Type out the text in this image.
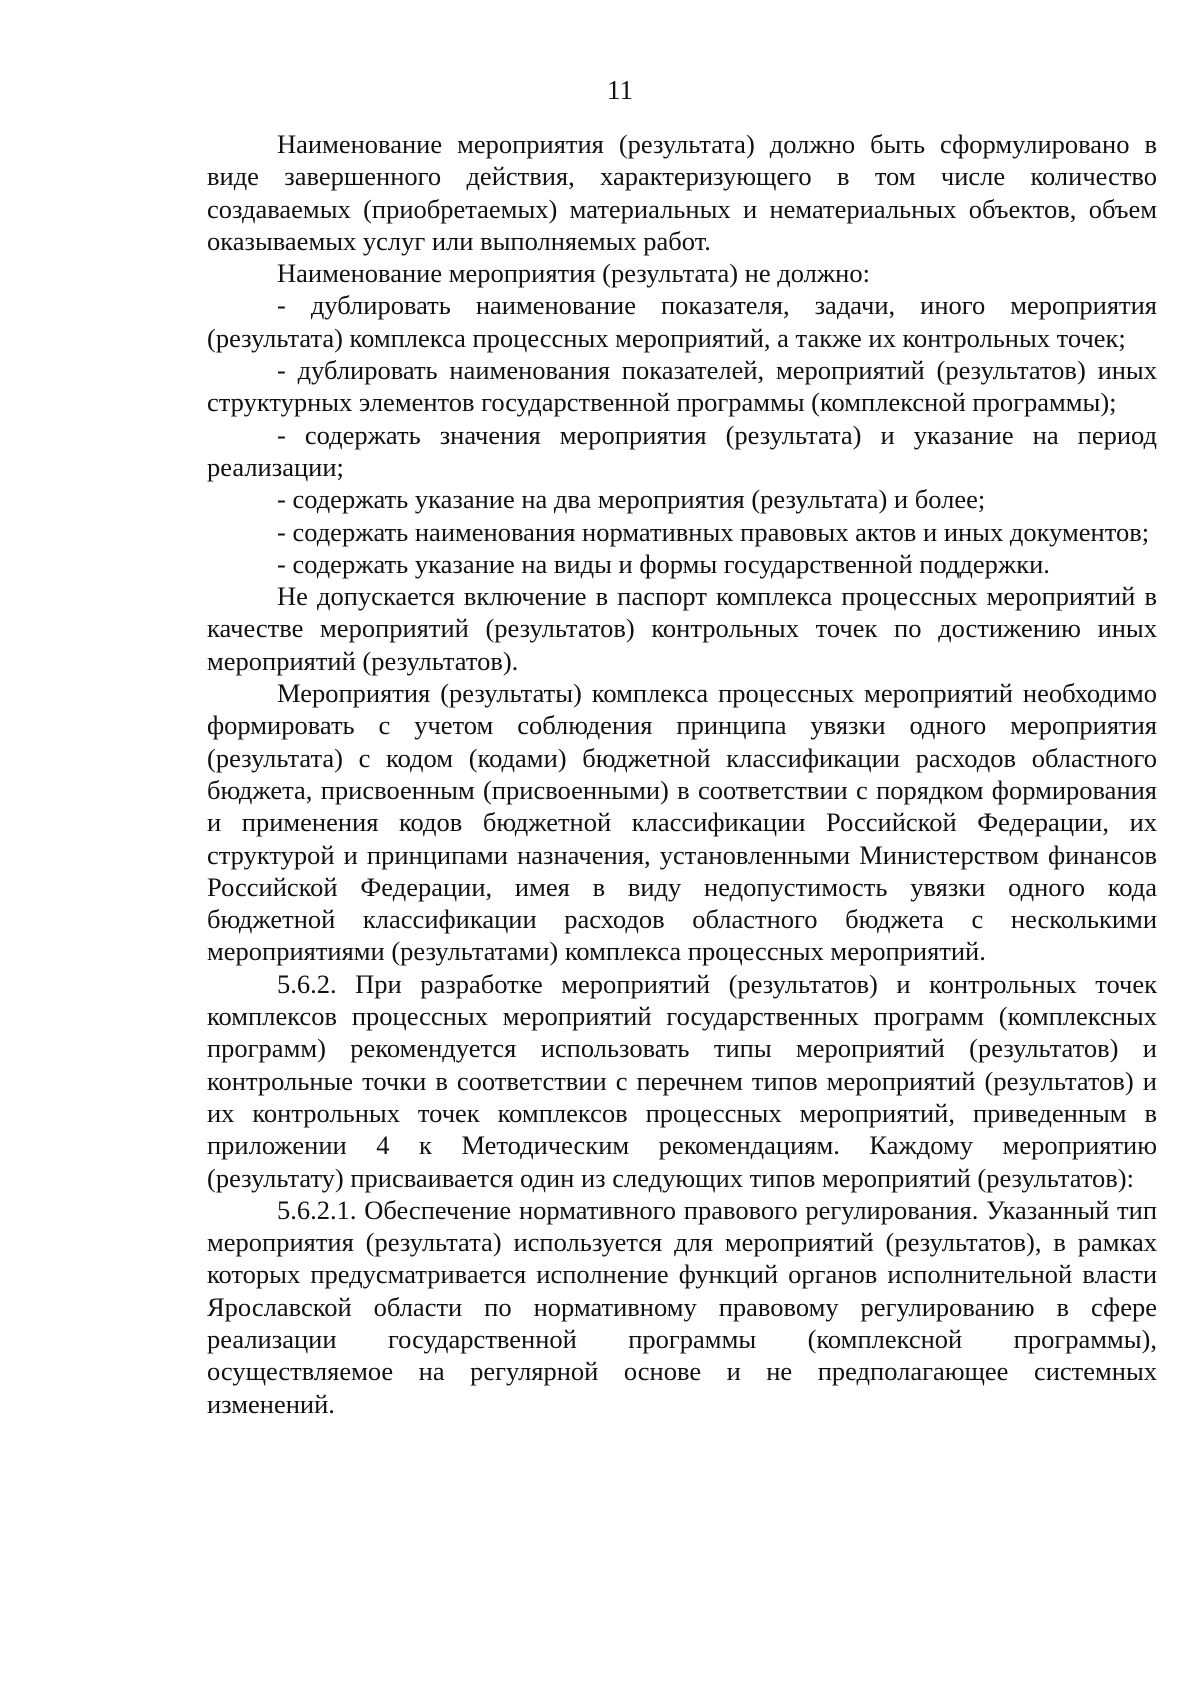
11

Наименование мероприятия (результата) должно быть сформулировано в виде завершенного действия, характеризующего в том числе количество создаваемых (приобретаемых) материальных и нематериальных объектов, объем оказываемых услуг или выполняемых работ.

Наименование мероприятия (результата) не должно:

- дублировать наименование показателя, задачи, иного мероприятия (результата) комплекса процессных мероприятий, а также их контрольных точек;

- дублировать наименования показателей, мероприятий (результатов) иных структурных элементов государственной программы (комплексной программы);

- содержать значения мероприятия (результата) и указание на период реализации;

- содержать указание на два мероприятия (результата) и более;

- содержать наименования нормативных правовых актов и иных документов;

- содержать указание на виды и формы государственной поддержки.

Не допускается включение в паспорт комплекса процессных мероприятий в качестве мероприятий (результатов) контрольных точек по достижению иных мероприятий (результатов).

Мероприятия (результаты) комплекса процессных мероприятий необходимо формировать с учетом соблюдения принципа увязки одного мероприятия (результата) с кодом (кодами) бюджетной классификации расходов областного бюджета, присвоенным (присвоенными) в соответствии с порядком формирования и применения кодов бюджетной классификации Российской Федерации, их структурой и принципами назначения, установленными Министерством финансов Российской Федерации, имея в виду недопустимость увязки одного кода бюджетной классификации расходов областного бюджета с несколькими мероприятиями (результатами) комплекса процессных мероприятий.

5.6.2. При разработке мероприятий (результатов) и контрольных точек комплексов процессных мероприятий государственных программ (комплексных программ) рекомендуется использовать типы мероприятий (результатов) и контрольные точки в соответствии с перечнем типов мероприятий (результатов) и их контрольных точек комплексов процессных мероприятий, приведенным в приложении 4 к Методическим рекомендациям. Каждому мероприятию (результату) присваивается один из следующих типов мероприятий (результатов):

5.6.2.1. Обеспечение нормативного правового регулирования. Указанный тип мероприятия (результата) используется для мероприятий (результатов), в рамках которых предусматривается исполнение функций органов исполнительной власти Ярославской области по нормативному правовому регулированию в сфере реализации государственной программы (комплексной программы), осуществляемое на регулярной основе и не предполагающее системных изменений.
